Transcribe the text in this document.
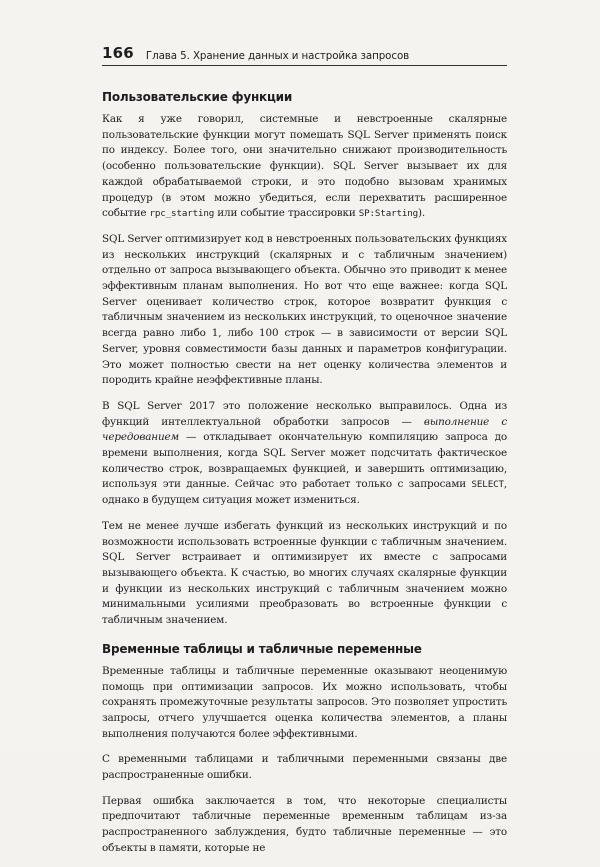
166 Глава 5. Хранение данных и настройка запросов
Пользовательские функции

Как я уже говорил, системные и невстроенные скалярные пользовательские функции могут помешать SQL Server применять поиск по индексу. Более того, они значительно снижают производительность (особенно пользовательские функции). SQL Server вызывает их для каждой обрабатываемой строки, и это подобно вызовам хранимых процедур (в этом можно убедиться, если перехватить расширенное событие rpc_starting или событие трассировки SP:Starting).

SQL Server оптимизирует код в невстроенных пользовательских функциях из нескольких инструкций (скалярных и с табличным значением) отдельно от запроса вызывающего объекта. Обычно это приводит к менее эффективным планам выполнения. Но вот что еще важнее: когда SQL Server оценивает количество строк, которое возвратит функция с табличным значением из нескольких инструкций, то оценочное значение всегда равно либо 1, либо 100 строк — в зависимости от версии SQL Server, уровня совместимости базы данных и параметров конфигурации. Это может полностью свести на нет оценку количества элементов и породить крайне неэффективные планы.

В SQL Server 2017 это положение несколько выправилось. Одна из функций интеллектуальной обработки запросов — выполнение с чередованием — откладывает окончательную компиляцию запроса до времени выполнения, когда SQL Server может подсчитать фактическое количество строк, возвращаемых функцией, и завершить оптимизацию, используя эти данные. Сейчас это работает только с запросами SELECT, однако в будущем ситуация может измениться.

Тем не менее лучше избегать функций из нескольких инструкций и по возможности использовать встроенные функции с табличным значением. SQL Server встраивает и оптимизирует их вместе с запросами вызывающего объекта. К счастью, во многих случаях скалярные функции и функции из нескольких инструкций с табличным значением можно минимальными усилиями преобразовать во встроенные функции с табличным значением.

Временные таблицы и табличные переменные

Временные таблицы и табличные переменные оказывают неоценимую помощь при оптимизации запросов. Их можно использовать, чтобы сохранять промежуточные результаты запросов. Это позволяет упростить запросы, отчего улучшается оценка количества элементов, а планы выполнения получаются более эффективными.

С временными таблицами и табличными переменными связаны две распространенные ошибки.

Первая ошибка заключается в том, что некоторые специалисты предпочитают табличные переменные временным таблицам из-за распространенного заблуждения, будто табличные переменные — это объекты в памяти, которые не
